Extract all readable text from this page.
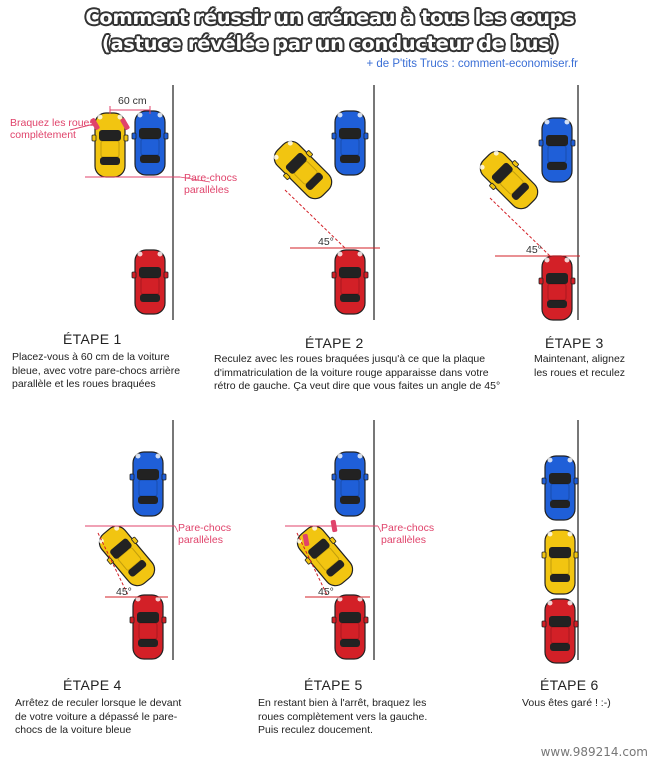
Comment réussir un créneau à tous les coups
(astuce révélée par un conducteur de bus)
+ de P'tits Trucs : comment-economiser.fr
Braquez les roues
complètement
60 cm
Pare-chocs
parallèles
45°
45°
Pare-chocs
parallèles
45°
Pare-chocs
parallèles
45°
ÉTAPE 1
Placez-vous à 60 cm de la voiture
bleue, avec votre pare-chocs arrière
parallèle et les roues braquées
ÉTAPE 2
Reculez avec les roues braquées jusqu'à ce que la plaque
d'immatriculation de la voiture rouge apparaisse dans votre
rétro de gauche. Ça veut dire que vous faites un angle de 45°
ÉTAPE 3
Maintenant, alignez
les roues et reculez
ÉTAPE 4
Arrêtez de reculer lorsque le devant
de votre voiture a dépassé le pare-
chocs de la voiture bleue
ÉTAPE 5
En restant bien à l'arrêt, braquez les
roues complètement vers la gauche.
Puis reculez doucement.
ÉTAPE 6
Vous êtes garé ! :-)
www.989214.com
